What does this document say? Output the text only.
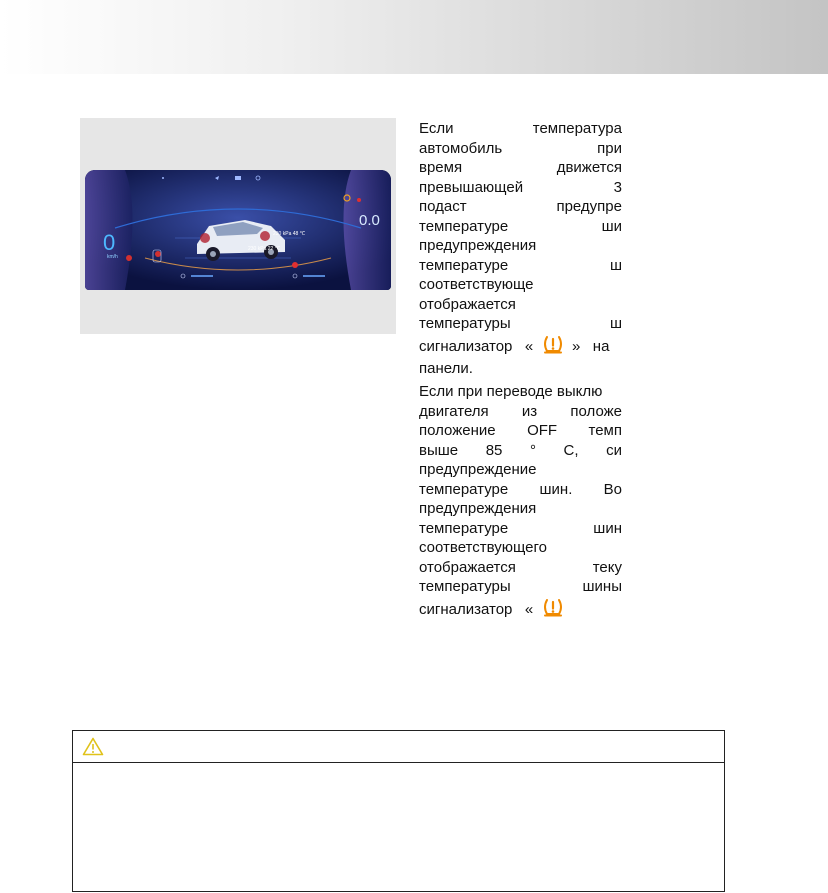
0
km/h
0.0
230 kPa 48 ℃
230 kPa 22 ℃
Если	температура
автомобиль	при
время	движется
превышающей	3
подаст	предупре
температуре	ши
предупреждения
температуре	ш
соответствующе
отображается
температуры	ш
сигнализатор «	» на
панели.
Если при переводе выклю
двигателя из положе
положение OFF темп
выше 85 ° C, си
предупреждение
температуре шин. Во
предупреждения
температуре	шин
соответствующего
отображается	теку
температуры	шины
сигнализатор «
